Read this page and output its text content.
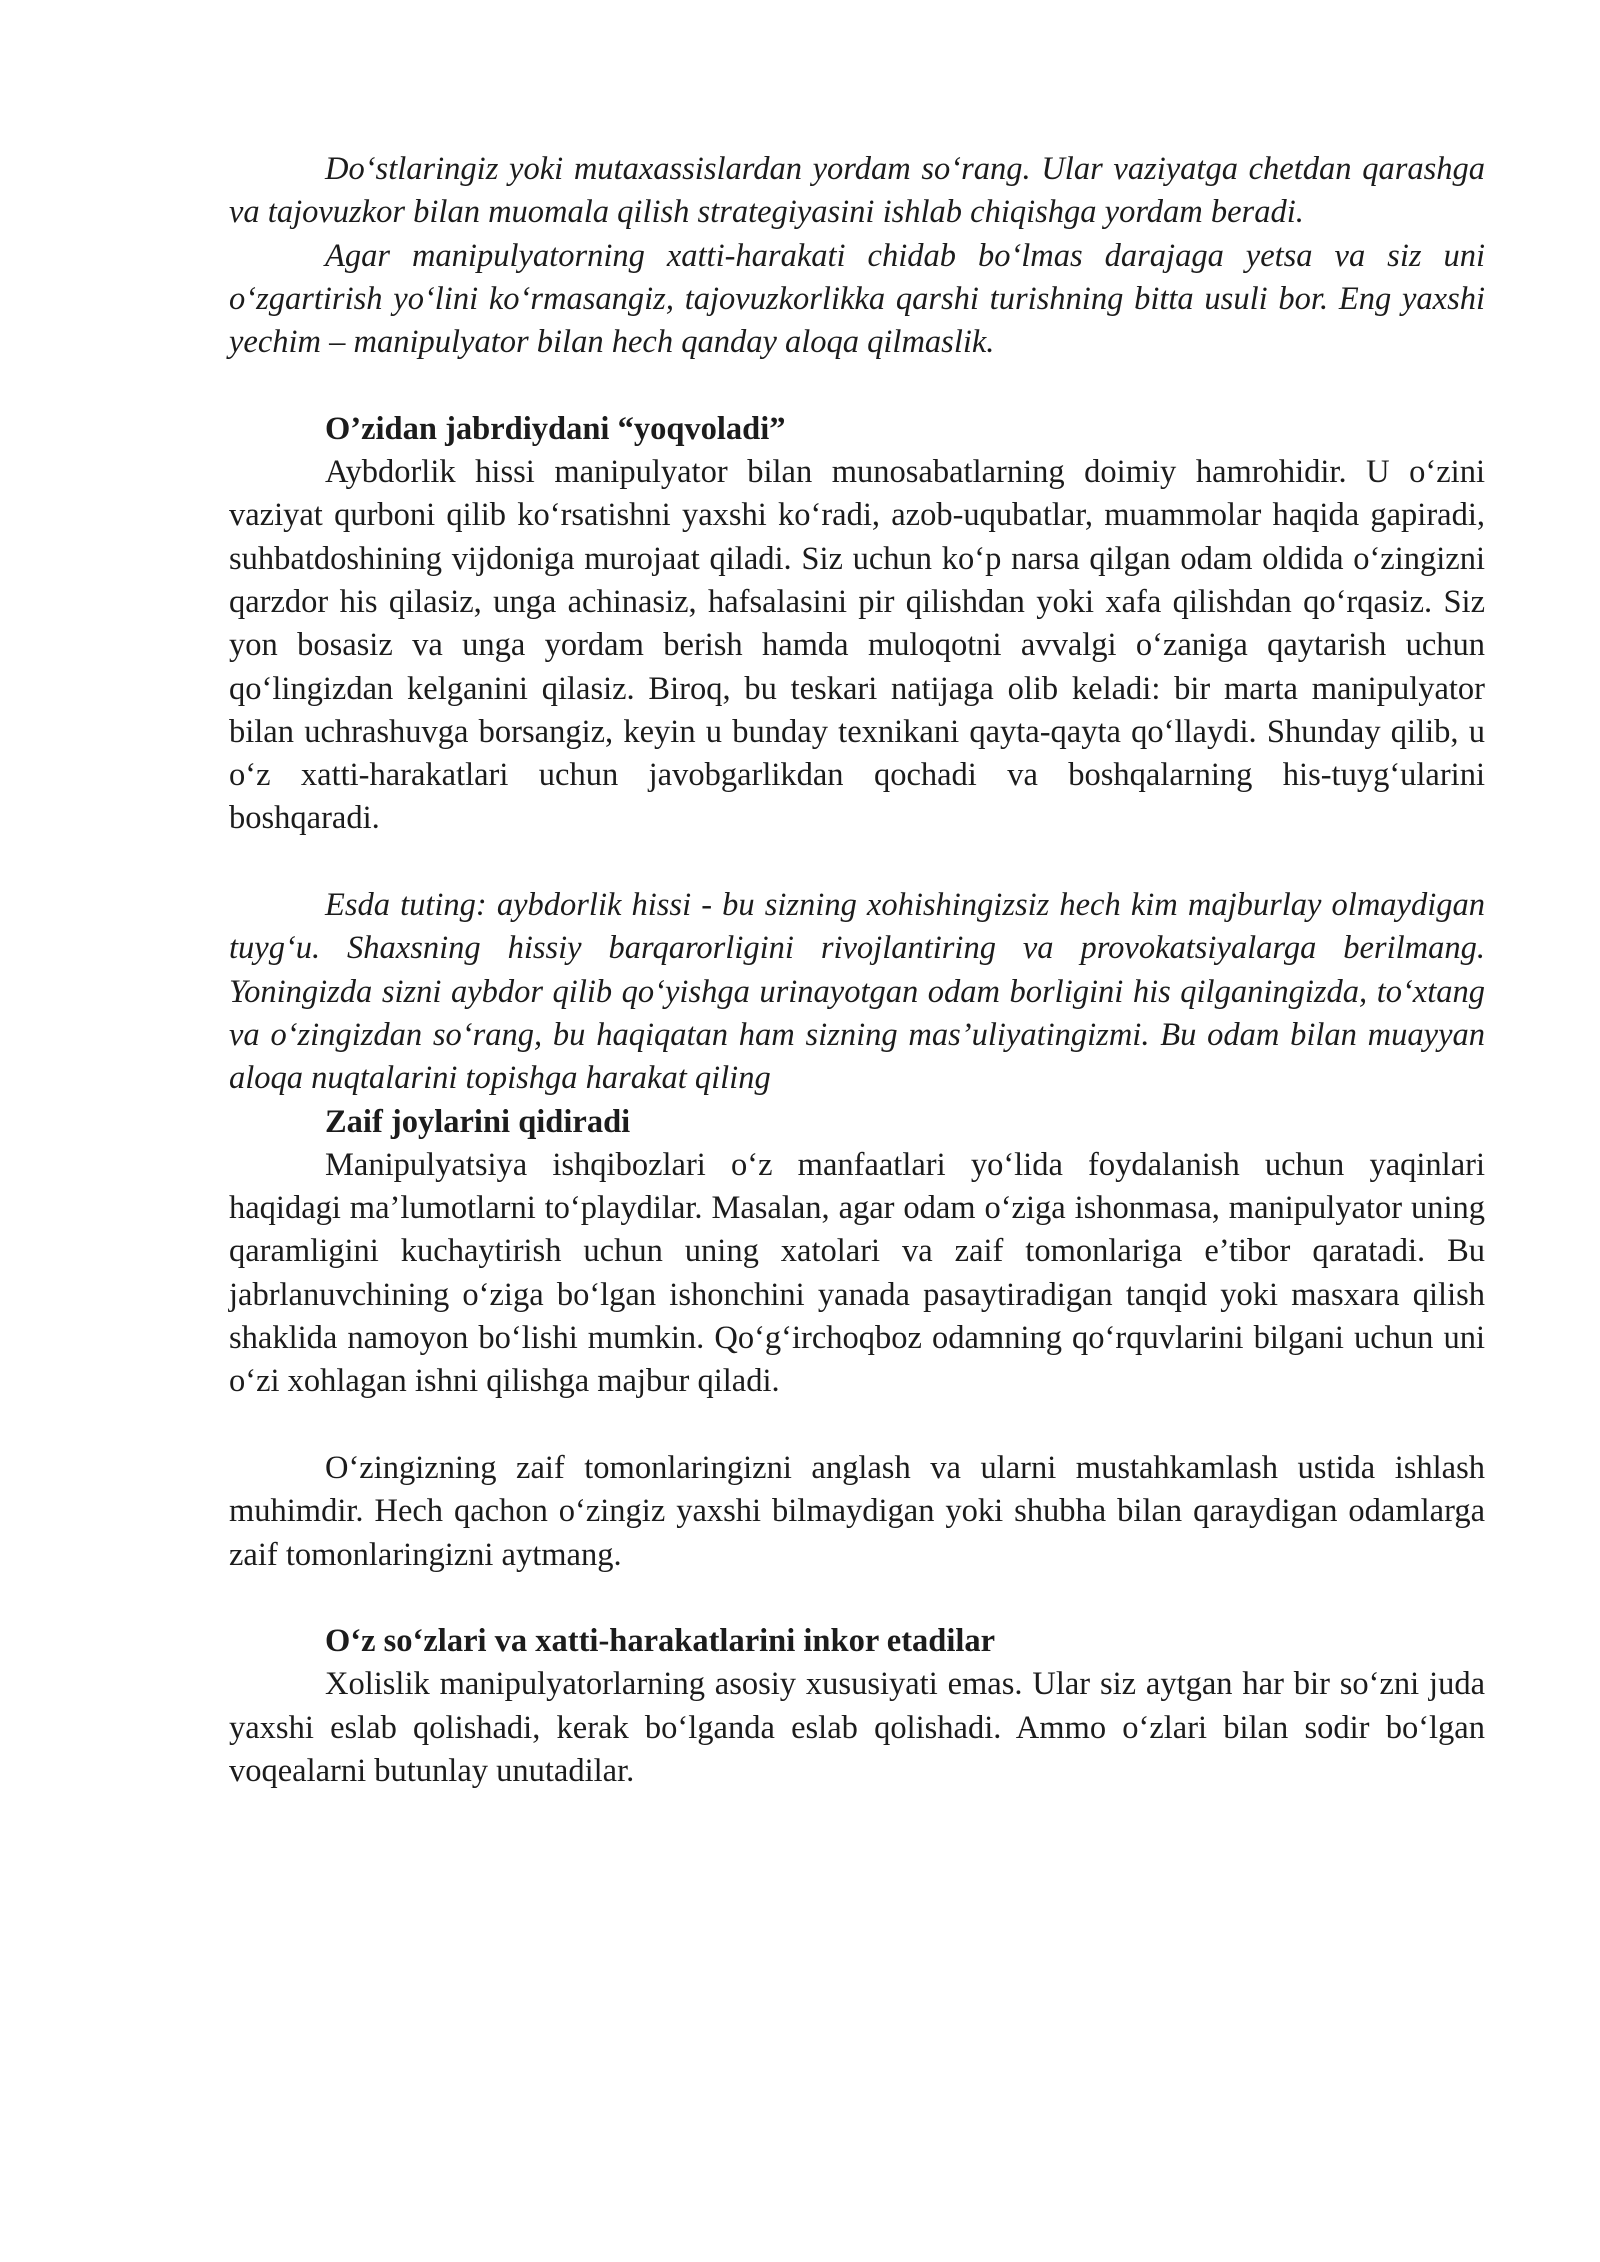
Do‘stlaringiz yoki mutaxassislardan yordam so‘rang. Ular vaziyatga chetdan qarashga va tajovuzkor bilan muomala qilish strategiyasini ishlab chiqishga yordam beradi.

Agar manipulyatorning xatti-harakati chidab bo‘lmas darajaga yetsa va siz uni o‘zgartirish yo‘lini ko‘rmasangiz, tajovuzkorlikka qarshi turishning bitta usuli bor. Eng yaxshi yechim – manipulyator bilan hech qanday aloqa qilmaslik.

O’zidan jabrdiydani “yoqvoladi”

Aybdorlik hissi manipulyator bilan munosabatlarning doimiy hamrohidir. U o‘zini vaziyat qurboni qilib ko‘rsatishni yaxshi ko‘radi, azob-uqubatlar, muammolar haqida gapiradi, suhbatdoshining vijdoniga murojaat qiladi. Siz uchun ko‘p narsa qilgan odam oldida o‘zingizni qarzdor his qilasiz, unga achinasiz, hafsalasini pir qilishdan yoki xafa qilishdan qo‘rqasiz. Siz yon bosasiz va unga yordam berish hamda muloqotni avvalgi o‘zaniga qaytarish uchun qo‘lingizdan kelganini qilasiz. Biroq, bu teskari natijaga olib keladi: bir marta manipulyator bilan uchrashuvga borsangiz, keyin u bunday texnikani qayta-qayta qo‘llaydi. Shunday qilib, u o‘z xatti-harakatlari uchun javobgarlikdan qochadi va boshqalarning his-tuyg‘ularini boshqaradi.

Esda tuting: aybdorlik hissi - bu sizning xohishingizsiz hech kim majburlay olmaydigan tuyg‘u. Shaxsning hissiy barqarorligini rivojlantiring va provokatsiyalarga berilmang. Yoningizda sizni aybdor qilib qo‘yishga urinayotgan odam borligini his qilganingizda, to‘xtang va o‘zingizdan so‘rang, bu haqiqatan ham sizning mas’uliyatingizmi. Bu odam bilan muayyan aloqa nuqtalarini topishga harakat qiling

Zaif joylarini qidiradi

Manipulyatsiya ishqibozlari o‘z manfaatlari yo‘lida foydalanish uchun yaqinlari haqidagi ma’lumotlarni to‘playdilar. Masalan, agar odam o‘ziga ishonmasa, manipulyator uning qaramligini kuchaytirish uchun uning xatolari va zaif tomonlariga e’tibor qaratadi. Bu jabrlanuvchining o‘ziga bo‘lgan ishonchini yanada pasaytiradigan tanqid yoki masxara qilish shaklida namoyon bo‘lishi mumkin. Qo‘g‘irchoqboz odamning qo‘rquvlarini bilgani uchun uni o‘zi xohlagan ishni qilishga majbur qiladi.

O‘zingizning zaif tomonlaringizni anglash va ularni mustahkamlash ustida ishlash muhimdir. Hech qachon o‘zingiz yaxshi bilmaydigan yoki shubha bilan qaraydigan odamlarga zaif tomonlaringizni aytmang.

O‘z so‘zlari va xatti-harakatlarini inkor etadilar

Xolislik manipulyatorlarning asosiy xususiyati emas. Ular siz aytgan har bir so‘zni juda yaxshi eslab qolishadi, kerak bo‘lganda eslab qolishadi. Ammo o‘zlari bilan sodir bo‘lgan voqealarni butunlay unutadilar.
